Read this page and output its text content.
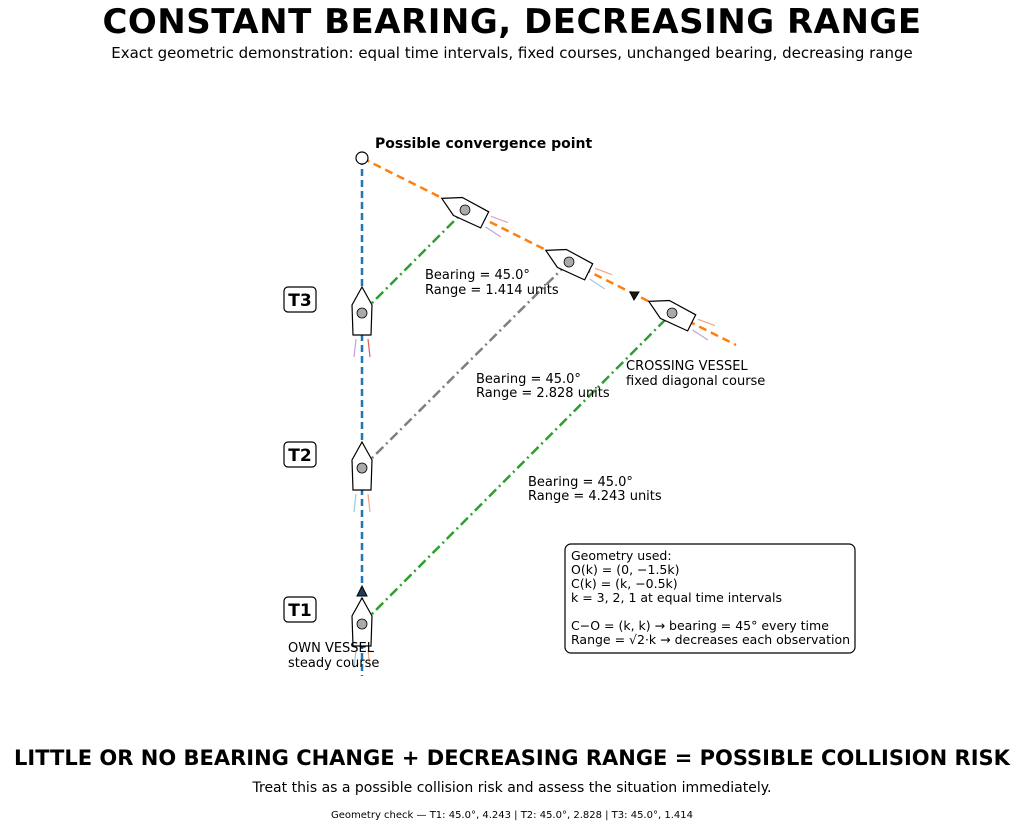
CONSTANT BEARING, DECREASING RANGE
Exact geometric demonstration: equal time intervals, fixed courses, unchanged bearing, decreasing range
Possible convergence point
T1
T2
T3
Bearing = 45.0°
Range = 1.414 units
Bearing = 45.0°
Range = 2.828 units
Bearing = 45.0°
Range = 4.243 units
CROSSING VESSEL
fixed diagonal course
OWN VESSEL
steady course
Geometry used:
O(k) = (0, −1.5k)
C(k) = (k, −0.5k)
k = 3, 2, 1 at equal time intervals
C−O = (k, k) → bearing = 45° every time
Range = √2·k → decreases each observation
LITTLE OR NO BEARING CHANGE + DECREASING RANGE = POSSIBLE COLLISION RISK
Treat this as a possible collision risk and assess the situation immediately.
Geometry check — T1: 45.0°, 4.243 | T2: 45.0°, 2.828 | T3: 45.0°, 1.414
